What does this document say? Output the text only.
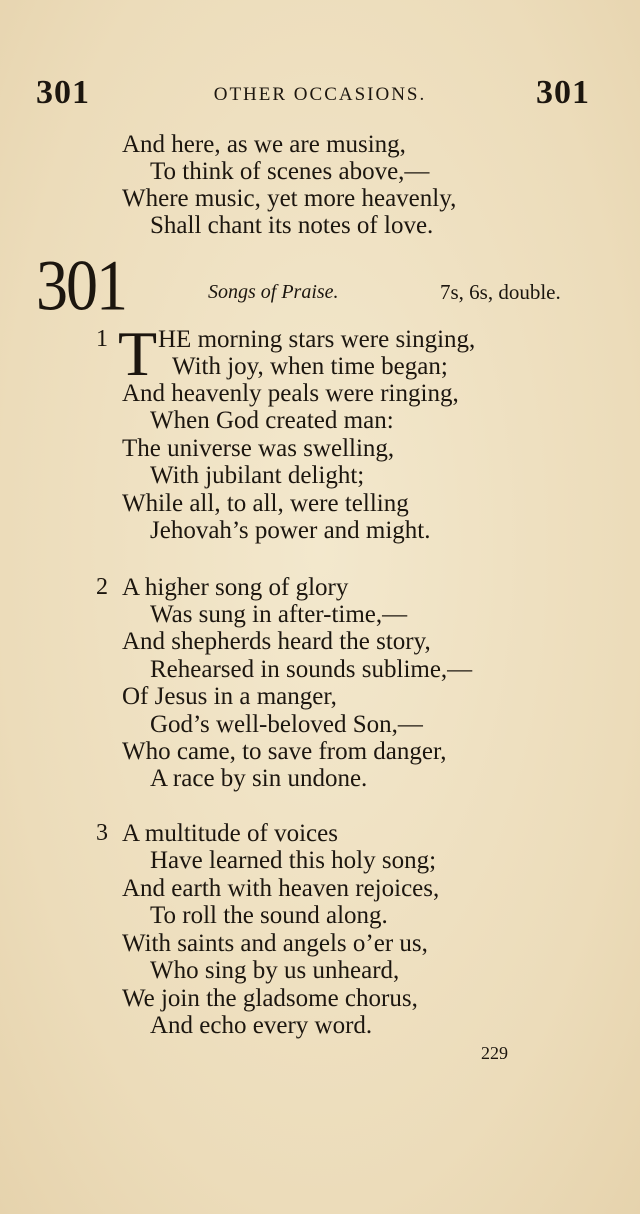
301	OTHER OCCASIONS.	301
And here, as we are musing,
To think of scenes above,—
Where music, yet more heavenly,
Shall chant its notes of love.
301	Songs of Praise.	7s, 6s, double.
1 T HE morning stars were singing,
With joy, when time began;
And heavenly peals were ringing,
When God created man:
The universe was swelling,
With jubilant delight;
While all, to all, were telling
Jehovah’s power and might.
2 A higher song of glory
Was sung in after-time,—
And shepherds heard the story,
Rehearsed in sounds sublime,—
Of Jesus in a manger,
God’s well-beloved Son,—
Who came, to save from danger,
A race by sin undone.
3 A multitude of voices
Have learned this holy song;
And earth with heaven rejoices,
To roll the sound along.
With saints and angels o’er us,
Who sing by us unheard,
We join the gladsome chorus,
And echo every word.
229
